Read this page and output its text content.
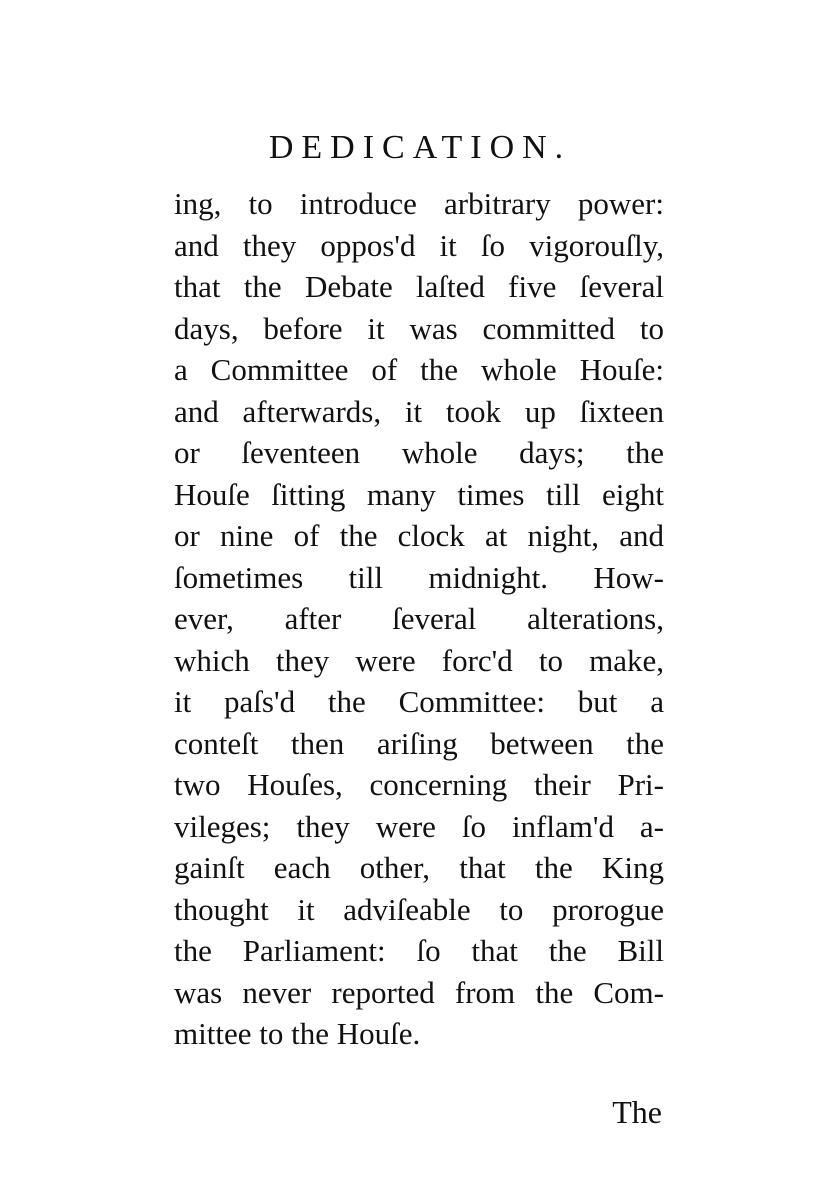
DEDICATION.
ing, to introduce arbitrary power:
and they oppos'd it ſo vigorouſly,
that the Debate laſted five ſeveral
days, before it was committed to
a Committee of the whole Houſe:
and afterwards, it took up ſixteen
or ſeventeen whole days; the
Houſe ſitting many times till eight
or nine of the clock at night, and
ſometimes till midnight. How-
ever, after ſeveral alterations,
which they were forc'd to make,
it paſs'd the Committee: but a
conteſt then ariſing between the
two Houſes, concerning their Pri-
vileges; they were ſo inflam'd a-
gainſt each other, that the King
thought it adviſeable to prorogue
the Parliament: ſo that the Bill
was never reported from the Com-
mittee to the Houſe.
The
